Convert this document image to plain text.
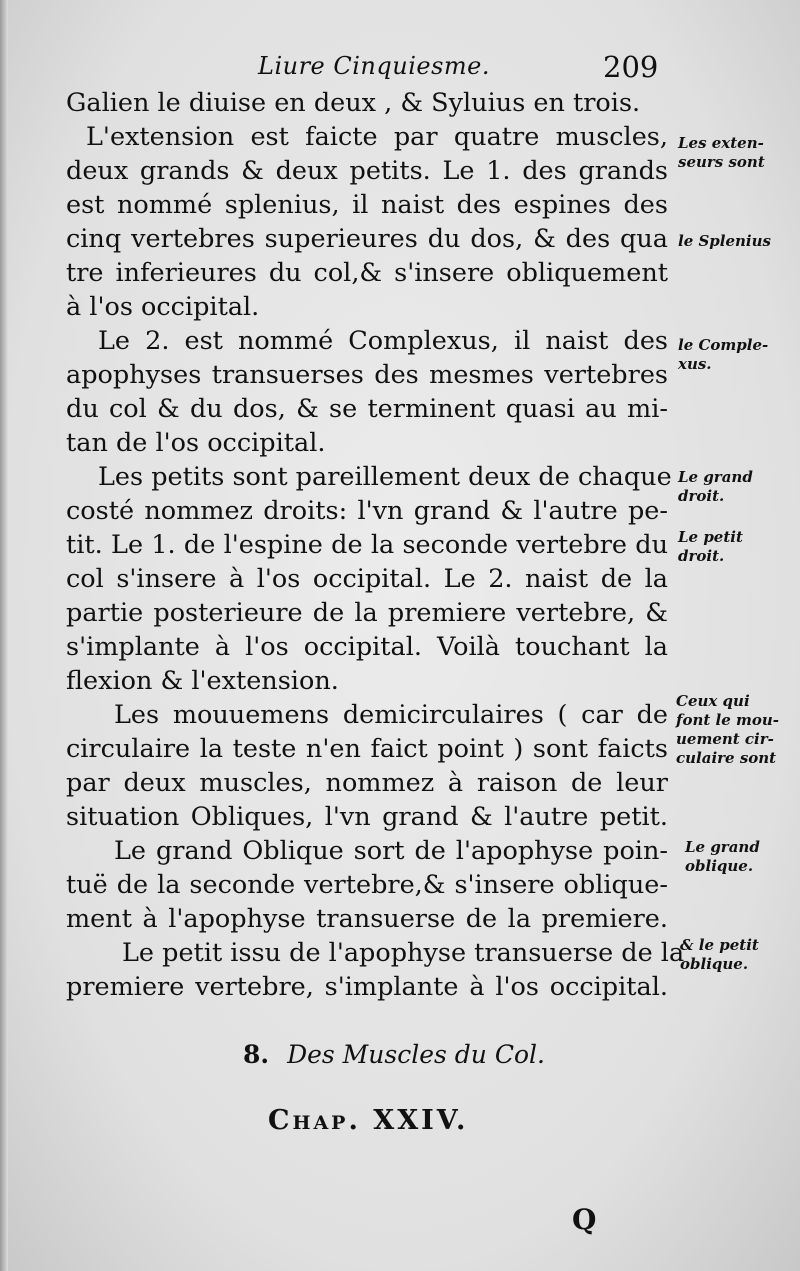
Liure Cinquiesme.	209
Galien le diuise en deux , & Syluius en trois.
L'extension est faicte par quatre muscles,
deux grands & deux petits. Le 1. des grands
est nommé splenius, il naist des espines des
cinq vertebres superieures du dos, & des qua
tre inferieures du col,& s'insere obliquement
à l'os occipital.
Le 2. est nommé Complexus, il naist des
apophyses transuerses des mesmes vertebres
du col & du dos, & se terminent quasi au mi-
tan de l'os occipital.
Les petits sont pareillement deux de chaque
costé nommez droits: l'vn grand & l'autre pe-
tit. Le 1. de l'espine de la seconde vertebre du
col s'insere à l'os occipital. Le 2. naist de la
partie posterieure de la premiere vertebre, &
s'implante à l'os occipital. Voilà touchant la
flexion & l'extension.
Les mouuemens demicirculaires ( car de
circulaire la teste n'en faict point ) sont faicts
par deux muscles, nommez à raison de leur
situation Obliques, l'vn grand & l'autre petit.
Le grand Oblique sort de l'apophyse poin-
tuë de la seconde vertebre,& s'insere oblique-
ment à l'apophyse transuerse de la premiere.
Le petit issu de l'apophyse transuerse de la
premiere vertebre, s'implante à l'os occipital.
Les exten-
seurs sont
le Splenius
le Comple-
xus.
Le grand
droit.
Le petit
droit.
Ceux qui
font le mou-
uement cir-
culaire sont
Le grand
oblique.
& le petit
oblique.
8. Des Muscles du Col.
Chap. XXIV.
Q
